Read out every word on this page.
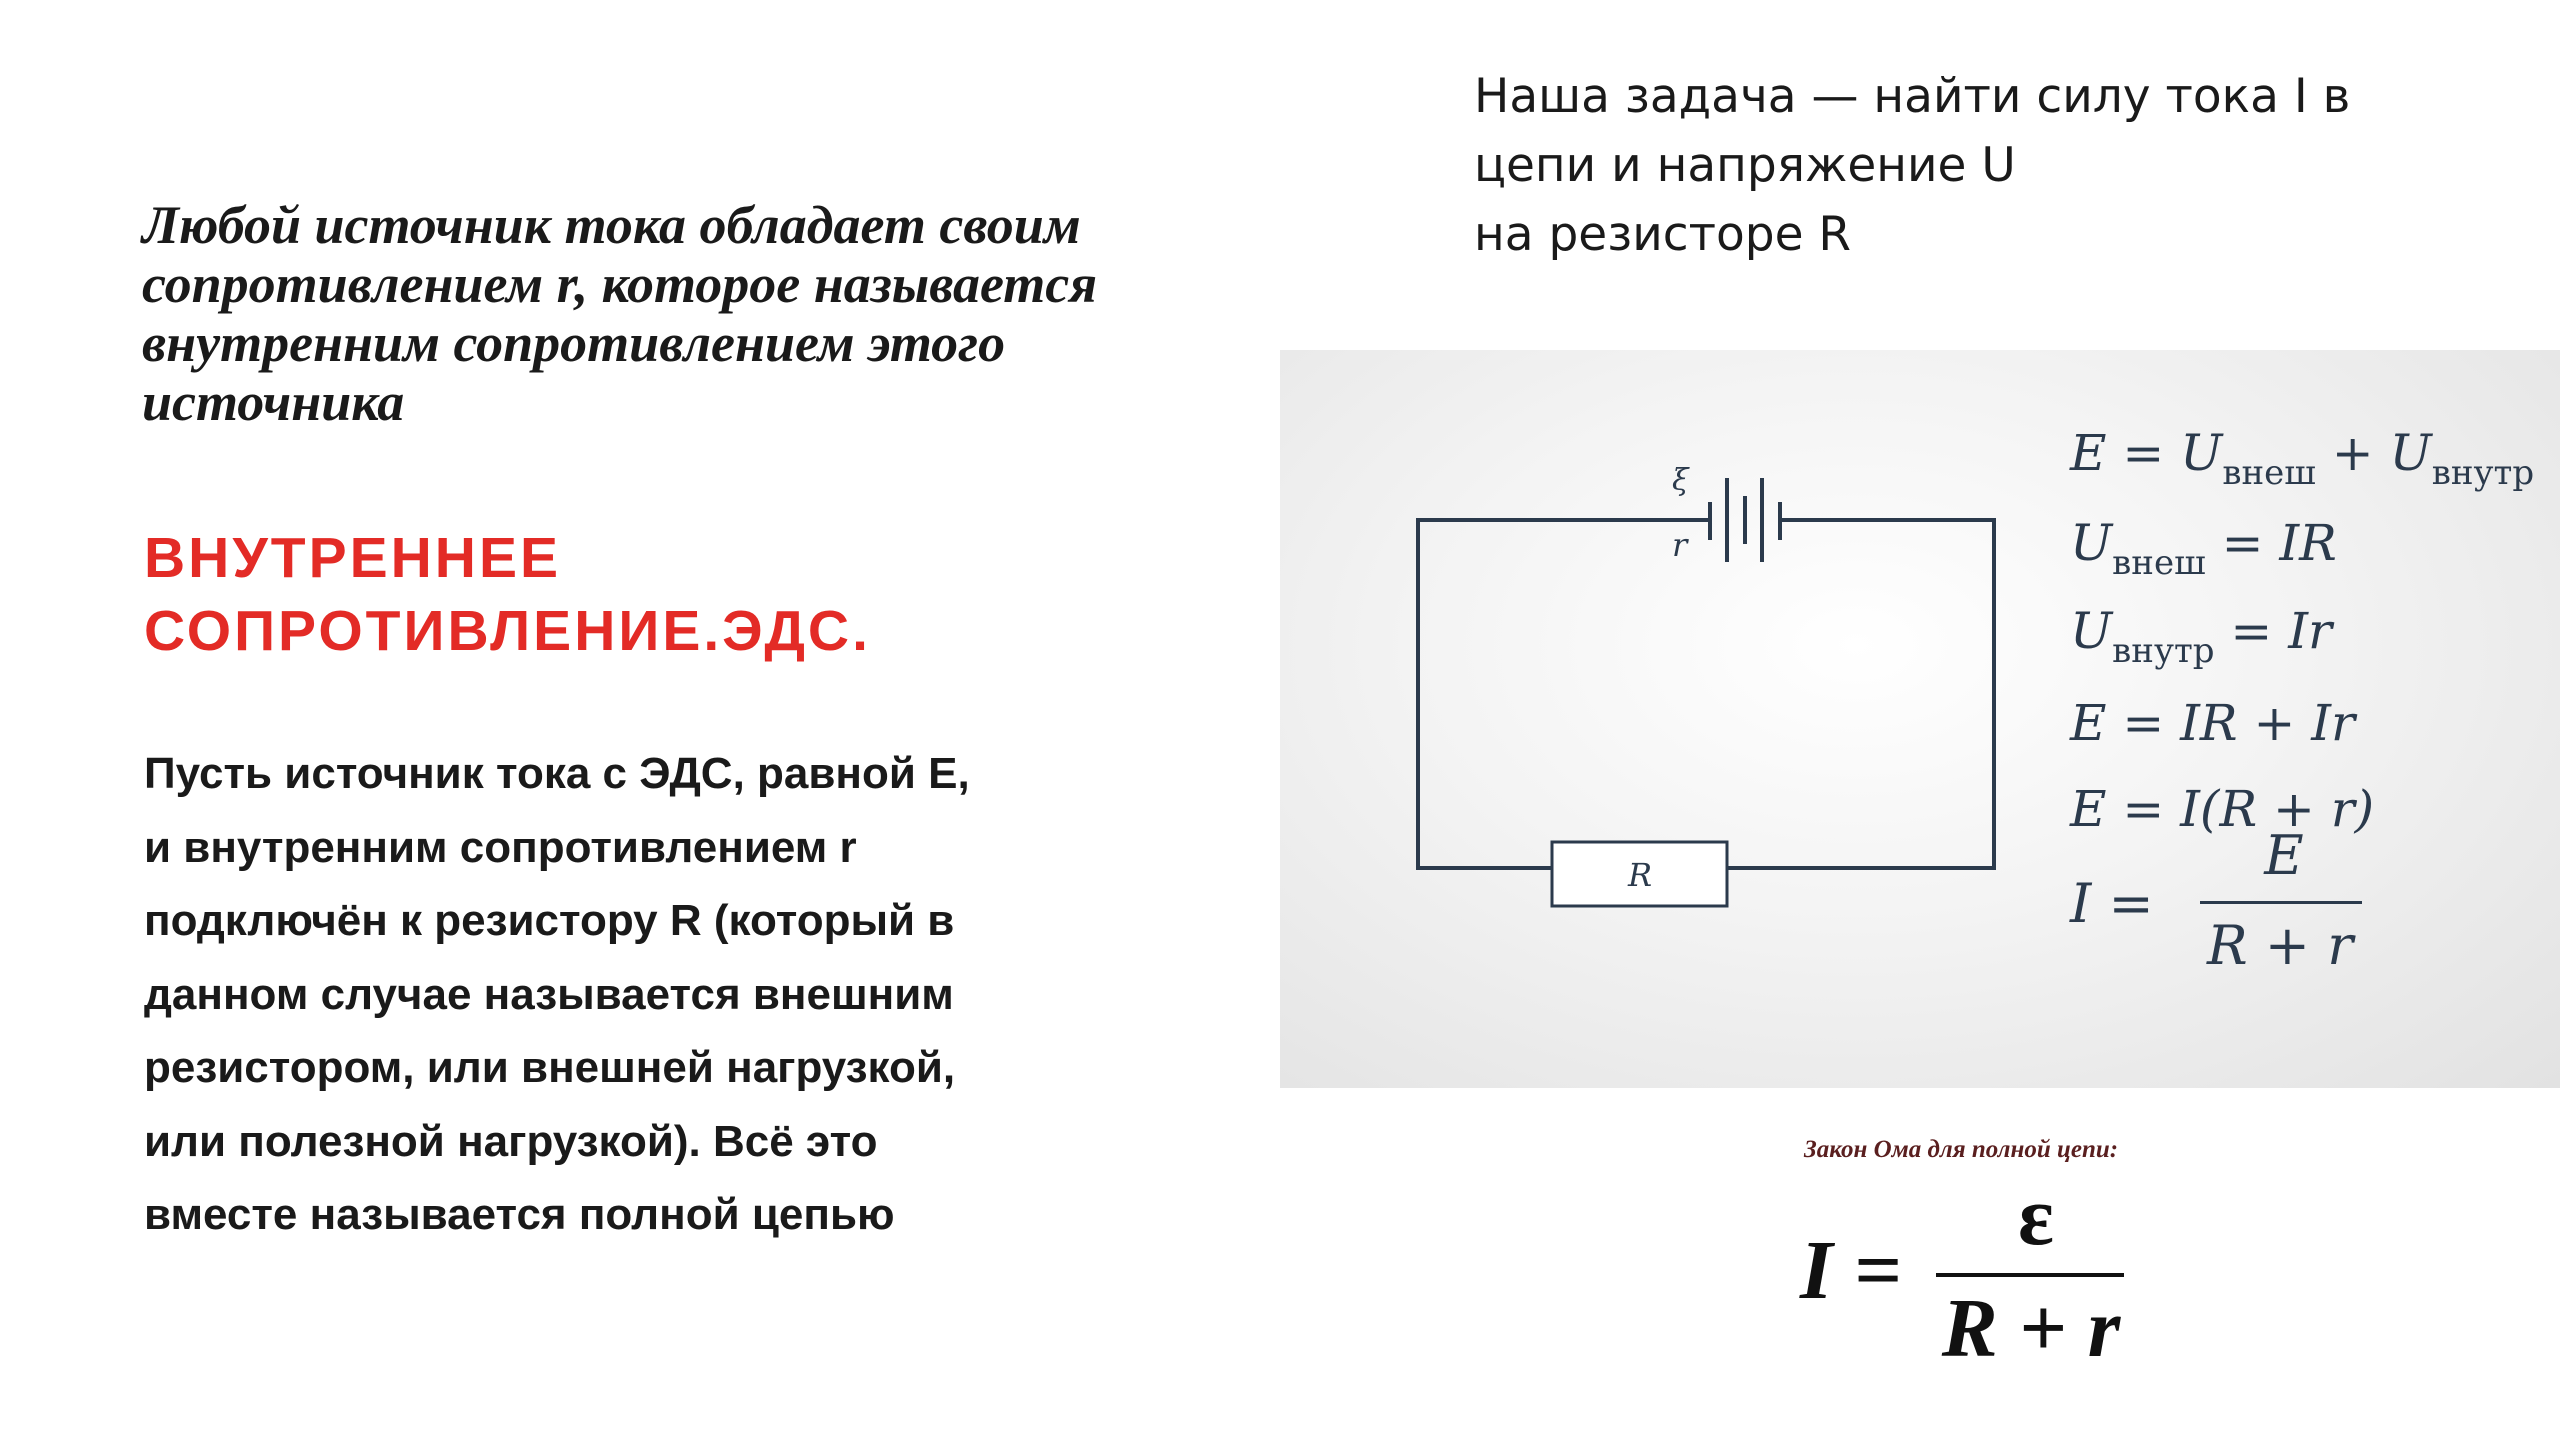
Любой источник тока обладает своим
сопротивлением r, которое называется
внутренним сопротивлением этого
источника
ВНУТРЕННЕЕ
СОПРОТИВЛЕНИЕ.ЭДС.
Пусть источник тока с ЭДС, равной E,
и внутренним сопротивлением r
подключён к резистору R (который в
данном случае называется внешним
резистором, или внешней нагрузкой,
или полезной нагрузкой). Всё это
вместе называется полной цепью
Наша задача — найти силу тока I в
цепи и напряжение U
на резисторе R
ξ
r
R
$E = U_{внеш} + U_{внутр}$
$U_{внеш}$ = IR
$U_{внутр} = Ir$
E = IR + Ir
E = I(R + r)
I =
E
R + r
Закон Ома для полной цепи:
I =
ε
R + r
